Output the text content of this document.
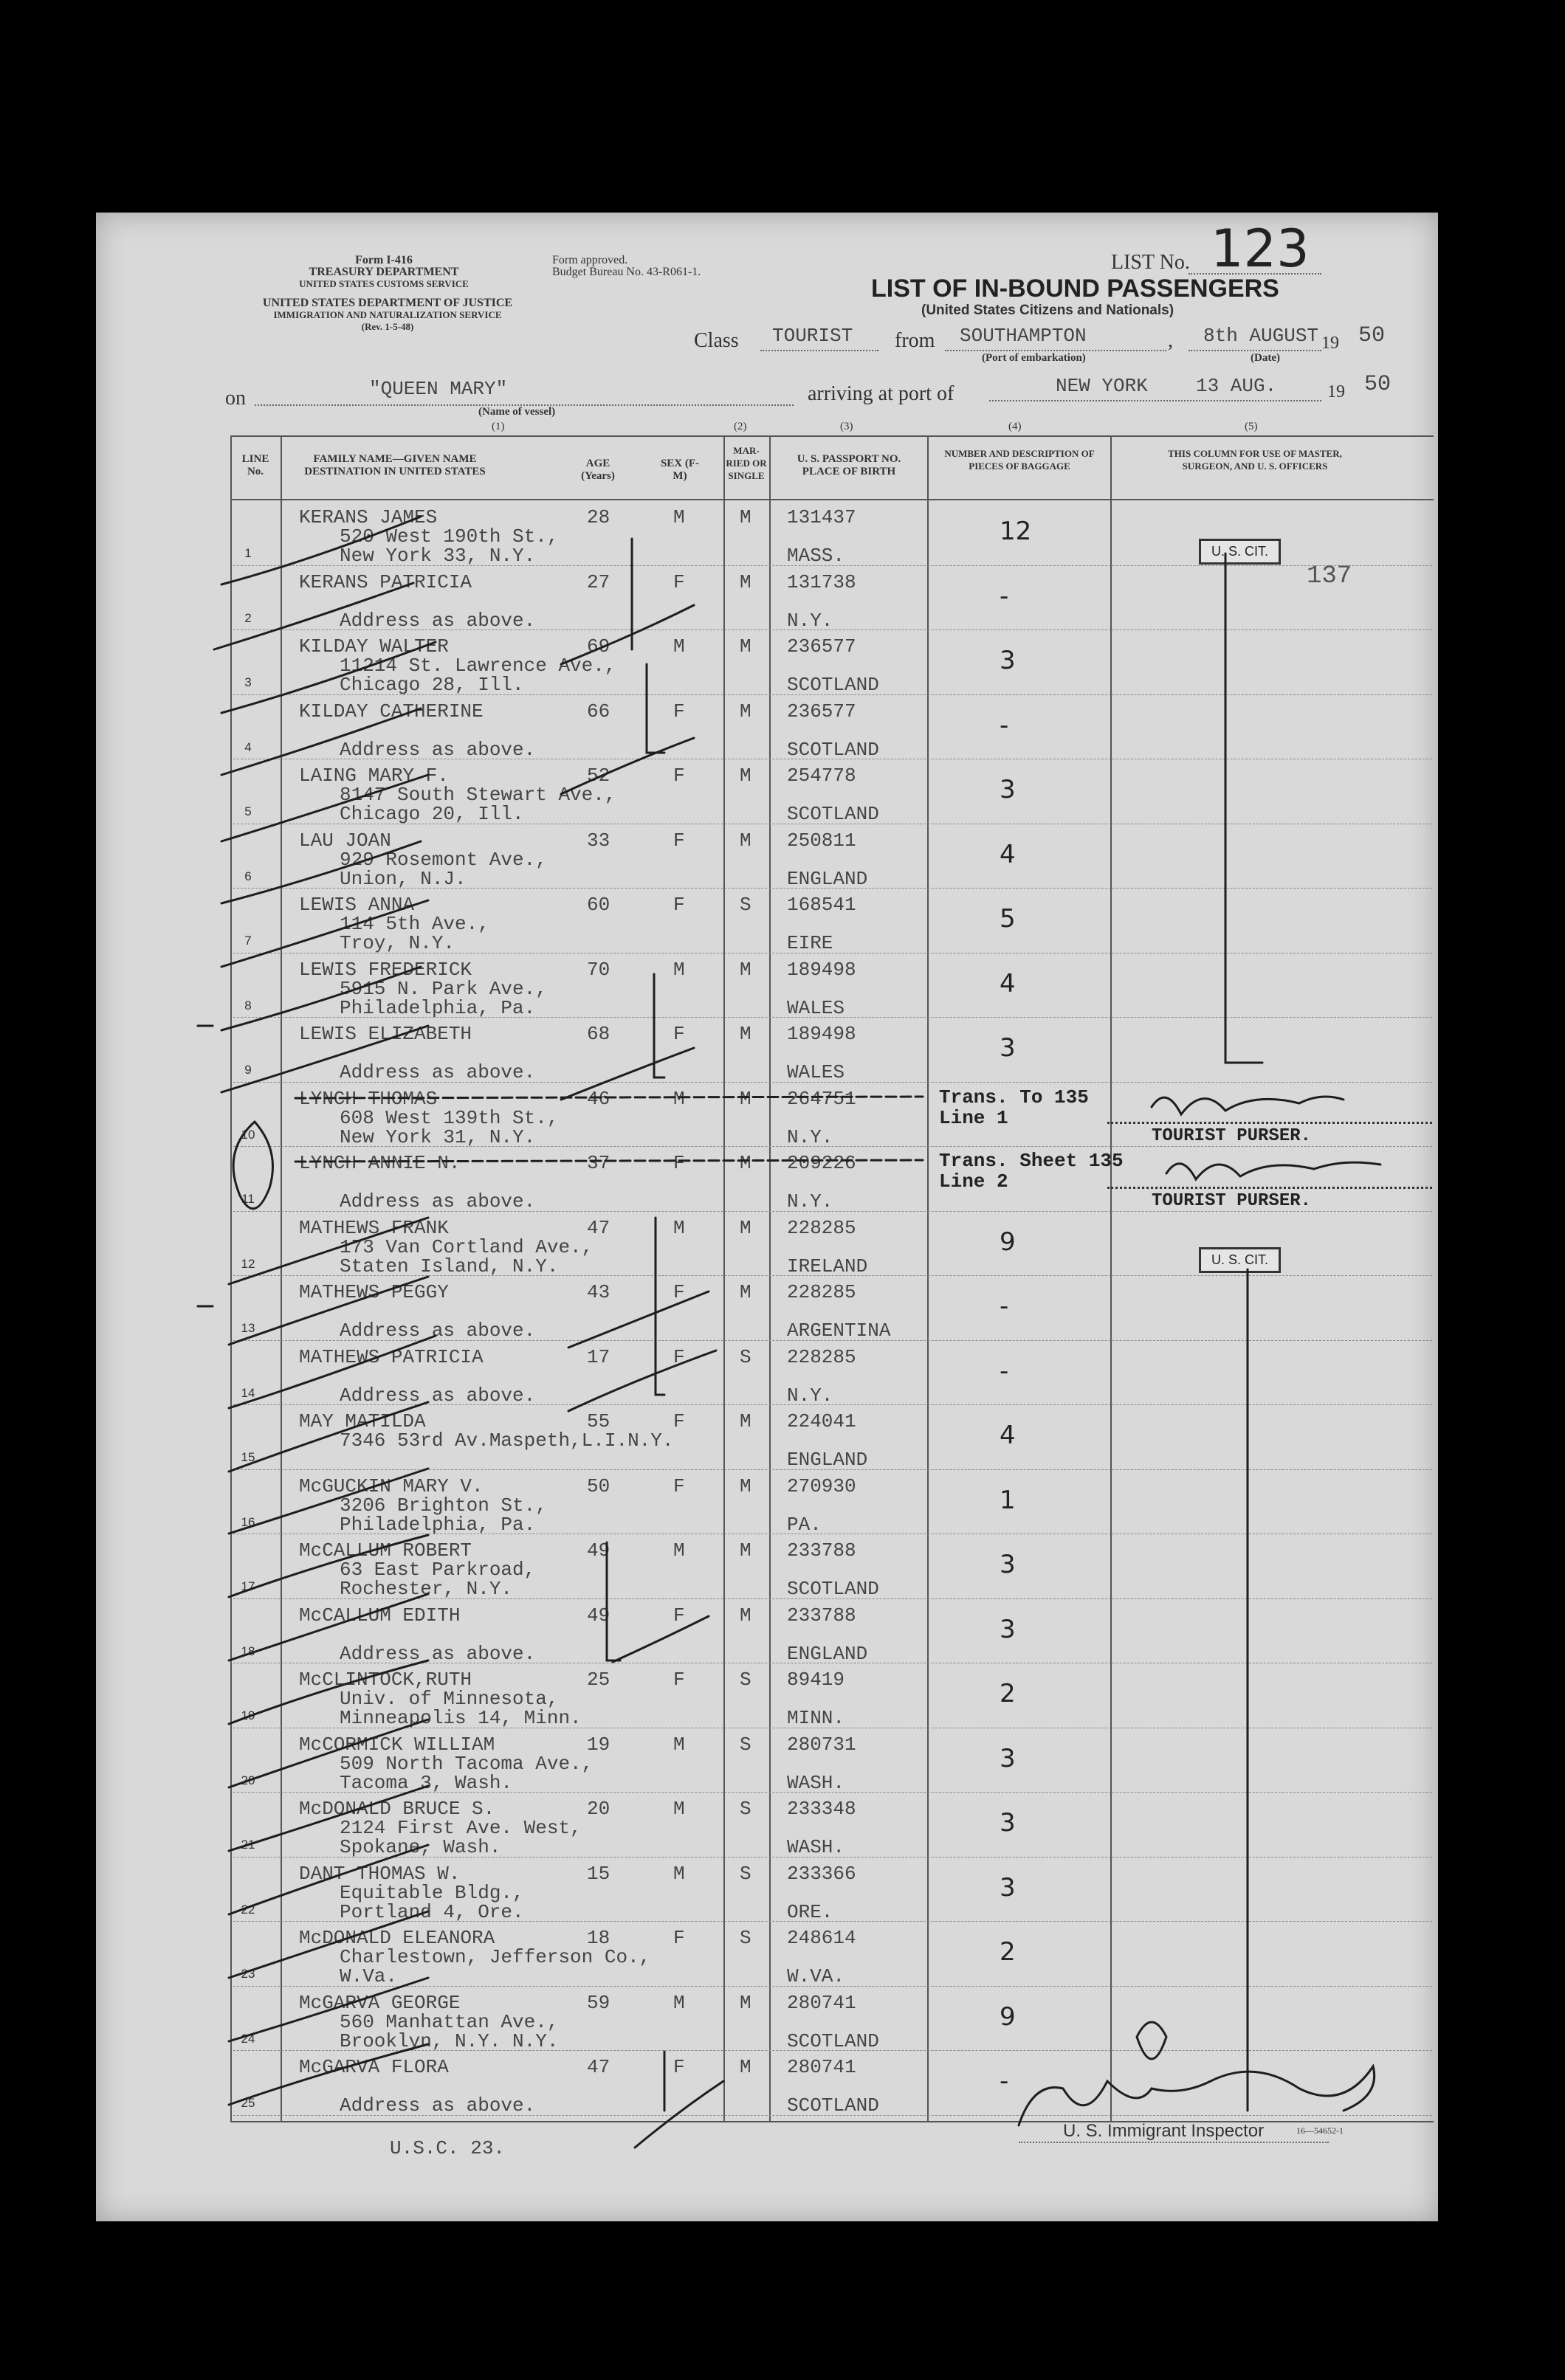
Form I-416
TREASURY DEPARTMENT
UNITED STATES CUSTOMS SERVICE
UNITED STATES DEPARTMENT OF JUSTICE
IMMIGRATION AND NATURALIZATION SERVICE
(Rev. 1-5-48)
Form approved.
Budget Bureau No. 43-R061-1.	LIST No. 123
LIST OF IN-BOUND PASSENGERS
(United States Citizens and Nationals)
Class TOURIST from SOUTHAMPTON	, 8th AUGUST 19 50
(Port of embarkation)	(Date)
on	"QUEEN MARY"
(Name of vessel)
arriving at port of	NEW YORK	13 AUG.	19 50
(1)	(2)	(3)	(4)	(5)
LINE No.
FAMILY NAME—GIVEN NAME DESTINATION IN UNITED STATES
AGE (Years)
SEX (F-M)
MAR-RIED OR SINGLE
U. S. PASSPORT NO. PLACE OF BIRTH
NUMBER AND DESCRIPTION OF PIECES OF BAGGAGE
THIS COLUMN FOR USE OF MASTER, SURGEON, AND U. S. OFFICERS
1
KERANS JAMES
520 West 190th St.,
New York 33, N.Y.
28	M	M 131437
MASS.
12
2
KERANS PATRICIA
Address as above.
27	F	M 131738
N.Y.
-
3
KILDAY WALTER
11214 St. Lawrence Ave.,
Chicago 28, Ill.
69	M	M 236577
SCOTLAND
3
4
KILDAY CATHERINE
Address as above.
66	F	M 236577
SCOTLAND
-
5
LAING MARY F.
8147 South Stewart Ave.,
Chicago 20, Ill.
52	F	M 254778
SCOTLAND
3
6
LAU JOAN
929 Rosemont Ave.,
Union, N.J.
33	F	M 250811
ENGLAND
4
7
LEWIS ANNA
114 5th Ave.,
Troy, N.Y.
60	F	S 168541
EIRE
5
8
LEWIS FREDERICK
5915 N. Park Ave.,
Philadelphia, Pa.
70	M	M 189498
WALES
4
9
LEWIS ELIZABETH
Address as above.
68	F	M 189498
WALES
3
10
LYNCH THOMAS
608 West 139th St.,
New York 31, N.Y.
46	M	M 264751
N.Y.
11
LYNCH ANNIE N.
Address as above.
37	F	M 209226
N.Y.
12
MATHEWS FRANK
173 Van Cortland Ave.,
Staten Island, N.Y.
47	M	M 228285
IRELAND
9
13
MATHEWS PEGGY
Address as above.
43	F	M 228285
ARGENTINA
-
14
MATHEWS PATRICIA
Address as above.
17	F	S 228285
N.Y.
-
15
MAY MATILDA
7346 53rd Av.Maspeth,L.I.N.Y.
55	F	M 224041
ENGLAND
4
16
McGUCKIN MARY V.
3206 Brighton St.,
Philadelphia, Pa.
50	F	M 270930
PA.
1
17
McCALLUM ROBERT
63 East Parkroad,
Rochester, N.Y.
49	M	M 233788
SCOTLAND
3
18
McCALLUM EDITH
Address as above.
49	F	M 233788
ENGLAND
3
19
McCLINTOCK,RUTH
Univ. of Minnesota,
Minneapolis 14, Minn.
25	F	S 89419
MINN.
2
20
McCORMICK WILLIAM
509 North Tacoma Ave.,
Tacoma 3, Wash.
19	M	S 280731
WASH.
3
21
McDONALD BRUCE S.
2124 First Ave. West,
Spokane, Wash.
20	M	S 233348
WASH.
3
22
DANT THOMAS W.
Equitable Bldg.,
Portland 4, Ore.
15	M	S 233366
ORE.
3
23
McDONALD ELEANORA
Charlestown, Jefferson Co.,
W.Va.
18	F	S 248614
W.VA.
2
24
McGARVA GEORGE
560 Manhattan Ave.,
Brooklyn, N.Y. N.Y.
59	M	M 280741
SCOTLAND
9
25
McGARVA FLORA
Address as above.
47	F	M 280741
SCOTLAND
-
U. S. CIT.
137
U. S. CIT.
Trans. To 135
Line 1
Trans. Sheet 135
Line 2
TOURIST PURSER.
TOURIST PURSER.
U.S.C. 23.
U. S. Immigrant Inspector	16—54652-1
